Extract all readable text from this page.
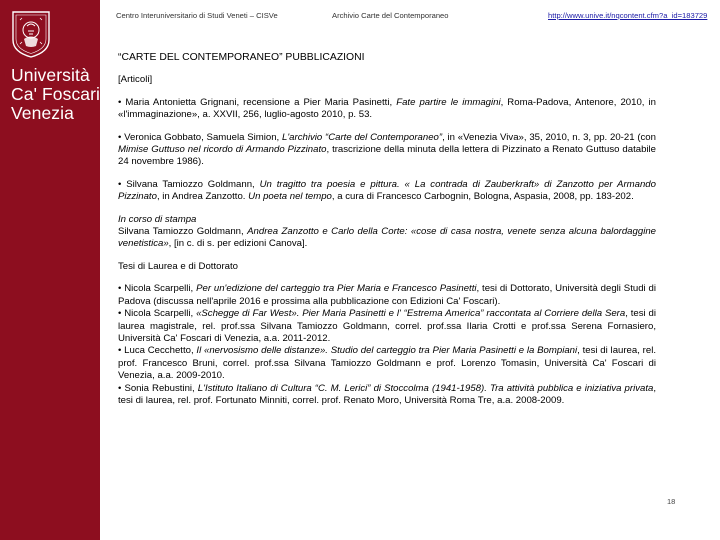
Università
Ca' Foscari
Venezia
Centro Interuniversitario di Studi Veneti – CISVe	Archivio Carte del Contemporaneo	http://www.unive.it/nqcontent.cfm?a_id=183729
“CARTE DEL CONTEMPORANEO” PUBBLICAZIONI
[Articoli]
• Maria Antonietta Grignani, recensione a Pier Maria Pasinetti, Fate partire le immagini, Roma-Padova, Antenore, 2010, in «l'immaginazione», a. XXVII, 256, luglio-agosto 2010, p. 53.
• Veronica Gobbato, Samuela Simion, L'archivio “Carte del Contemporaneo”, in «Venezia Viva», 35, 2010, n. 3, pp. 20-21 (con Mimise Guttuso nel ricordo di Armando Pizzinato, trascrizione della minuta della lettera di Pizzinato a Renato Guttuso databile 24 novembre 1986).
• Silvana Tamiozzo Goldmann, Un tragitto tra poesia e pittura. « La contrada di Zauberkraft» di Zanzotto per Armando Pizzinato, in Andrea Zanzotto. Un poeta nel tempo, a cura di Francesco Carbognin, Bologna, Aspasia, 2008, pp. 183-202.
In corso di stampa
Silvana Tamiozzo Goldmann, Andrea Zanzotto e Carlo della Corte: «cose di casa nostra, venete senza alcuna balordaggine venetistica», [in c. di s. per edizioni Canova].
Tesi di Laurea e di Dottorato
• Nicola Scarpelli, Per un'edizione del carteggio tra Pier Maria e Francesco Pasinetti, tesi di Dottorato, Università degli Studi di Padova (discussa nell'aprile 2016 e prossima alla pubblicazione con Edizioni Ca' Foscari).
• Nicola Scarpelli, «Schegge di Far West». Pier Maria Pasinetti e l' “Estrema America” raccontata al Corriere della Sera, tesi di laurea magistrale, rel. prof.ssa Silvana Tamiozzo Goldmann, correl. prof.ssa Ilaria Crotti e prof.ssa Serena Fornasiero, Università Ca' Foscari di Venezia, a.a. 2011-2012.
• Luca Cecchetto, Il «nervosismo delle distanze». Studio del carteggio tra Pier Maria Pasinetti e la Bompiani, tesi di laurea, rel. prof. Francesco Bruni, correl. prof.ssa Silvana Tamiozzo Goldmann e prof. Lorenzo Tomasin, Università Ca' Foscari di Venezia, a.a. 2009-2010.
• Sonia Rebustini, L'Istituto Italiano di Cultura “C. M. Lerici” di Stoccolma (1941-1958). Tra attività pubblica e iniziativa privata, tesi di laurea, rel. prof. Fortunato Minniti, correl. prof. Renato Moro, Università Roma Tre, a.a. 2008-2009.
18
